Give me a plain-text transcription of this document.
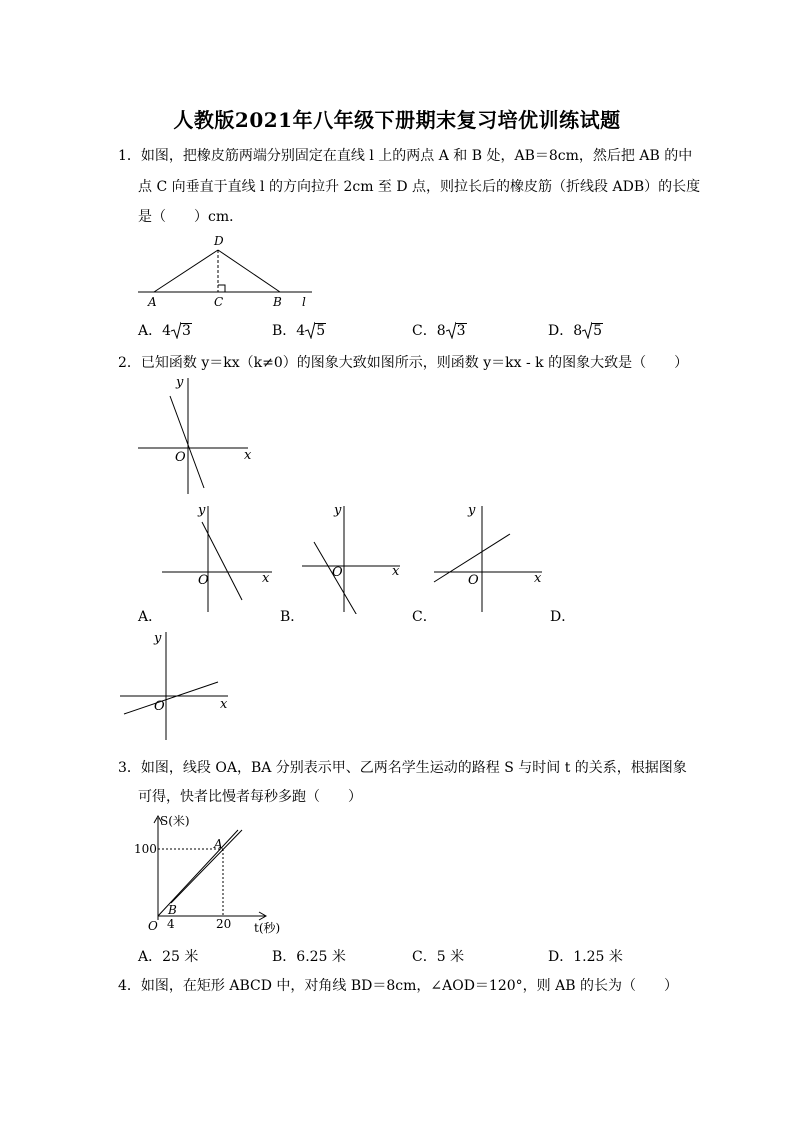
人教版2021年八年级下册期末复习培优训练试题
1．如图，把橡皮筋两端分别固定在直线 l 上的两点 A 和 B 处，AB＝8cm，然后把 AB 的中
点 C 向垂直于直线 l 的方向拉升 2cm 至 D 点，则拉长后的橡皮筋（折线段 ADB）的长度
是（　　）cm．
D
A	C	B l
A．4 3	B．4 5	C．8 3	D．8 5
2．已知函数 y＝kx（k≠0）的图象大致如图所示，则函数 y＝kx - k 的图象大致是（　　）
y
x
O
y
x
O
y
x
O
y
x
O
A．	B．	C．	D．
y
x
O
3．如图，线段 OA，BA 分别表示甲、乙两名学生运动的路程 S 与时间 t 的关系，根据图象
可得，快者比慢者每秒多跑（　　）
S(米)
100	A
B
O 4	20 t(秒)
A．25 米	B．6.25 米	C．5 米	D．1.25 米
4．如图，在矩形 ABCD 中，对角线 BD＝8cm，∠AOD＝120°，则 AB 的长为（　　）
